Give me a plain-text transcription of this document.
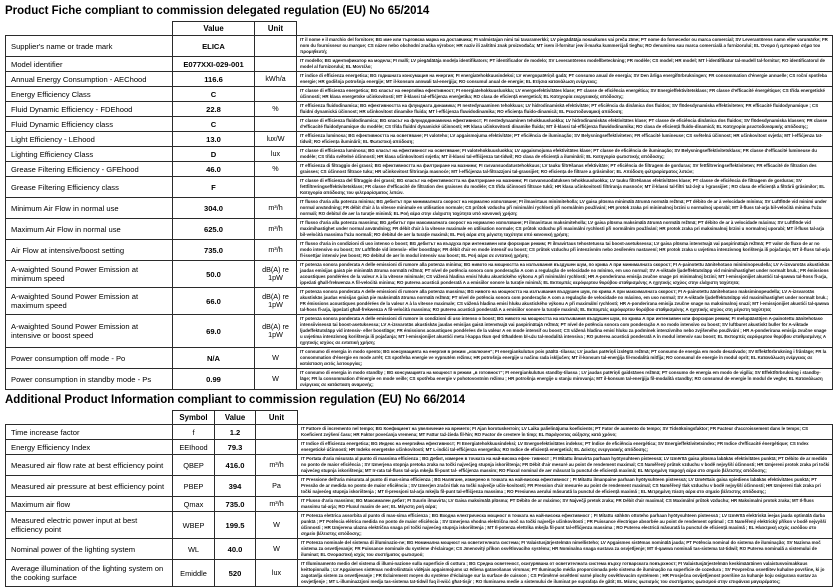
Product Fiche compliant to commission delegated regulation (EU) No 65/2014
	Value	Unit	
Supplier's name or trade mark	ELICA		IT il nome e il marchio del fornitore; BG име или търговска марка на доставчика; FI valmistajan nimi tai tavaramerkki; LV piegādātāja nosaukums vai preču zīme; PT nome do fornecedor ou marca comercial; SV Leverantörens namn eller varumärke; FR nom du fournisseur ou marque; CS název nebo obchodní značka výrobce; HR naziv ili zaštitni znak proizvođača; MT isem il-fornitur jew il-marka kummerċjali tiegħu; RO denumirea sau marca comercială a furnizorului; EL Όνομα ή εμπορικό σήμα του προμηθευτή;
Model identifier	E077XXI-029-001		IT modello; BG идентификатор на модела; FI malli; LV piegādātāja modeļa identifikators; PT identificador de modelo; SV Leverantörens modellbeteckning; FR modèle; CS model; HR model; MT l-identifikatur tal-mudell tal-fornitur; RO identificatorul de model al furnizorului; EL Μοντέλο;
Annual Energy Consumption - AEChood	116.6	kWh/a	IT indice di efficienza energetica; BG годишната консумация на енергия; FI energiatehokkuusindeksi; LV energopatēriņš gadā; PT consumo anual de energia; SV Den årliga energiförbrukningen; FR consommation d'énergie annuelle; CS roční spotřeba energie; HR godišnja potrošnja energije; MT il-konsum annwali tal-enerġija; RO consumul anual de energie; EL Ετήσια κατανάλωση ενέργειας;
Energy Efficiency Class	C		IT classe di efficienza energetica; BG класът на енергийна ефективност; FI energiatehokkuusluokka; LV energoefektivitātes klase; PT classe de eficiência energética; SV Energieffektivitetsklass; FR classe d'efficacité énergétique; CS třída energetické účinnosti; HR klasa energetske učinkovitosti; MT il-klassi tal-effiċjenza enerġetika; RO clasa de eficiență energetică; EL Κατηγορία ενεργειακής απόδοσης;
Fluid Dynamic Efficiency - FDEhood	22.8	%	IT efficienza fluidodinamica; BG ефективността на флуидната динамика; FI nestedynaaminen tehokkuus; LV hidrodinamiskā efektivitāte; PT eficiência da dinâmica dos fluidos; SV flödesdynamiska effektiviteten; FR efficacité fluidodynamique ; CS fluidní dynamická účinnost; HR učinkovitost dinamike fluida; MT l-effiċjenza fluwidodinamika; RO eficiența fluido-dinamică; EL Ρευστοδυναμική απόδοση;
Fluid Dynamic Efficiency class	C		IT classe di efficienza fluidodinamica; BG класът на флуидодинамична ефективност; FI nestedynaaminen tehokkuusluokka; LV hidrodinamiskās efektivitātes klase; PT classe de eficiência dinâmica dos fluidos; SV flödesdynamiska klassen; FR classe d'efficacité fluidodynamique du modèle; CS třída fluidní dynamické účinnosti; HR klasa učinkovitosti dinamike fluida; MT il-klassi tal-effiċjenza fluwidodinamika; RO clasa de eficiență fluido-dinamică; EL Κατηγορία ρευστοδυναμικής απόδοσης;
Light Efficiency - LEhood	13.0	lux/W	IT efficienza luminosa; BG ефективността на осветяване; FI valoteho; LV apgaismojuma efektivitāte; PT eficiência de iluminação; SV Belysningseffektiviteten; FR efficacité lumineuse; CS světelná účinnost; HR učinkovitost svjetla; MT l-effiċjenza tat-tidwil; RO eficiența iluminării; EL Φωτιστική απόδοση;
Lighting Efficiency Class	D	lux	IT classe di efficienza luminosa; BG класът на ефективност на осветяване; FI valotehokkuusluokka; LV apgaismojuma efektivitātes klase; PT classe de eficiência de iluminação; SV Belysningseffektivitetsklass; FR classe d'efficacité lumineuse du modèle; CS třída světelné účinnosti; HR klasa učinkovitosti svjetla; MT il-klassi tal-effiċjenza tat-tidwil; RO clasa de eficiență a iluminării; EL Κατηγορία φωτιστικής απόδοσης;
Grease Filtering Efficiency - GFEhood	46.0	%	IT efficienza di filtraggio dei grassi; BG ефективността на филтриране на мазнини; FI rasvansuodatustehokkuus; LV tauku filtrēšanas efektivitāte; PT eficiência de filtragem de gorduras; SV fettfiltreringseffektiviteten; FR efficacité de filtration des graisses; CS účinnost filtrace tuku; HR učinkovitost filtriranja masnoće; MT l-effiċjenza tal-filtrazzjoni tal-grassijiet; RO eficiența de filtrare a grăsimilor; EL Απόδοση φιλτραρίσματος λιπών;
Grease Filtering Efficiency class	F		IT classe di efficienza del filtraggio dei grassi; BG класът на ефективността на филтриране на мазнини; FI rasvansuodatuksen tehokkuusluokka; LV tauku filtrēšanas efektivitātes klase; PT classe de eficiência de filtragem de gorduras; SV fettfiltreringseffektivitetsklass; FR classe d'efficacité de filtration des graisses du modèle; CS třída účinnosti filtrace tuků; HR klasa učinkovitosti filtriranja masnoće; MT il-klassi tal-filtri taż-żejt u l-grassijiet ; RO clasa de eficiență a filtrării grăsimilor; EL Κατηγορία απόδοσης του φιλτραρίσματος λιπών.
Minimum Air Flow in normal use	304.0	m³/h	IT flusso d'aria alla potenza minima; BG дебитът при минималната скорост на нормално използване; FI ilmavirtaus minimiteholla; LV gaisa plūsma minimālā ātrumā normālā režīmā; PT débito de ar à velocidade mínima; SV Luftflöde vid minimi under normal användning; FR débit d'air à la vitesse minimale en utilisation normale; CS průtok vzduchu při minimální rychlosti při normálním používání; HR protok zraka pri minimalnoj brzini u normalnoj uporabi; MT il-fluss tal-arja bil-veloċità minima f'użu normali; RO debitul de aer la turație minimă; EL Ροή αέρα στην ελάχιστη ταχύτητα υπό κανονική χρήση;
Maximum Air Flow in normal use	625.0	m³/h	IT flusso d'aria alla potenza massima; BG дебитът при максималната скорост на нормално използване; FI ilmavirtaus maksimiteholla; LV gaisa plūsma maksimālā ātrumā normālā režīmā; PT débito de ar à velocidade máxima; SV Luftflöde vid maximihastighet under normal användning; FR débit d'air à la vitesse maximale en utilisation normale; CS průtok vzduchu při maximální rychlosti při normálním používání; HR protok zraka pri maksimalnoj brzini u normalnoj uporabi; MT il-fluss tal-arja bil-veloċità massima f'użu normali; RO debitul de aer la turație maximă; EL Ροή αέρα στη μέγιστη ταχύτητα υπό κανονική χρήση;
Air Flow at intensive/boost setting	735.0	m³/h	IT flusso d'aria in condizioni di uso intenso o boost; BG дебитът на въздуха при интензивен или форсиран режим; FI ilmavirtaus tehostetussa tai boost-asetuksessa; LV gaisa plūsma intensīvajā vai paspirinātajā režīmā; PT valor do fluxo de ar no modo intensivo ou boost; SV Luftflöde vid intensiv- eller boostläge; FR débit d'air en mode intensif ou boost; CS průtok vzduchu při intenzivním nebo zesíleném nastavení; HR protok zraka u uvjetima intenzivnog korištenja ili pojačanja; MT il-fluss tal-arja fl-issettjar intensiv jew boost; RO debitul de aer în modul intensiv sau boost; EL Ροή αέρα σε εντατική χρήση;
A-waighted Sound Power Emission at minimum speed	50.0	dB(A) re 1pW	IT potenza sonora ponderata A delle emissioni di rumore alla potenza minima; BG нивото на мощността на излъчвания въздушен шум, по крива A при минималната скорост; FI A-painotettu äänitehotaso miniminopeudella; LV A-izsvarotās akustiskās jaudas emisijas gaisā pie minimālā ātruma normālā režīmā; PT nível de potência sonora com ponderação A com a regulação de velocidade no mínimo, em uso normal; SV A-viktade ljudeffektutsläpp vid minimihastighet under normalt bruk.; FR émissions acoustiques pondérées de la valeur A à la vitesse minimale; CS vážená hladina emisí hluku akustického výkonu A při minimální rychlosti; HR A-ponderirana emisija zvučne snage pri minimalnoj brzini; MT l-emissjonijiet akustiċi tal-qawwa tal-ħoss fl-arja, ippeżati għall-frekwenza A fil-veloċità minima; RO puterea acustică ponderată A a emisiilor sonore la turație minimă; EL Εκπομπές αερόφερτου θορύβου σταθμισμένης Α ηχητικής ισχύος στην ελάχιστη ταχύτητα;
A-waighted Sound Power Emission at maximum speed	66.0	dB(A) re 1pW	IT potenza sonora ponderata A delle emissioni di rumore alla potenza massima; BG нивото на мощността на излъчвания въздушен шум, по крива A при максималната скорост; FI A-painotettu äänitehotaso maksiminopeudella; LV A-izsvarotās akustiskās jaudas emisijas gaisā pie maksimālā ātruma normālā režīmā; PT nível de potência sonora com ponderação A com a regulação de velocidade no máximo, em uso normal; SV A-viktade ljudeffektutsläpp vid maximihastighet under normalt bruk.; FR émissions acoustiques pondérées de la valeur A à la vitesse maximale; CS vážená hladina emisí hluku akustického výkonu A při maximální rychlosti; HR A-ponderirana emisija zvučne snage na maksimalnoj snazi; MT l-emissjonijiet akustiċi tal-qawwa tal-ħoss fl-arja, ippeżati għall-frekwenza A fil-veloċità massima; RO puterea acustică ponderată A a emisiilor sonore la turație maximă; EL Εκπομπές αερόφερτου θορύβου σταθμισμένης Α ηχητικής ισχύος στη μέγιστη ταχύτητα;
A-waighted Sound Power Emission at intensive or boost speed	69.0	dB(A) re 1pW	IT potenza sonora ponderata A delle emissioni di rumore in condizioni di uso intenso o boost; BG нивото на мощността на излъчвания въздушен шум, по крива A при интензивен или форсиран режим; FI melupäästöjen A-painotettu äänitehotaso intensiivisessä tai boost-asetuksessa; LV A-izsvarotās akustiskās jaudas emisijas gaisā intensīvajā vai paspirinātajā režīmā; PT nível de potência sonora com ponderação A no modo intensivo ou boost; SV luftburet akustiskt buller för A-viktade ljudeffektutsläpp vid intensiv- eller boostläge; FR émissions acoustiques pondérées de la valeur A en mode intensif ou boost; CS vážená hladina emisí hluku za podmínek intenzivního nebo zvýšeného používání ; HR A-ponderirana emisija zvučne snage u uvjetima intenzivnog korištenja ili pojačanja; MT l-emissjonijiet akustiċi meta l-kappa tkun qed titħaddem bl-użu tal-modalità intensiva ; RO puterea acustică ponderată A în modul intensiv sau boost; EL Εκπομπές αερόφερτου θορύβου σταθμισμένης Α ηχητικής ισχύος σε εντατική χρήση;
Power consumption off mode - Po	N/A	W	IT consumo di energia in modo spento; BG консумацията на енергия в режим „изключен“; FI energiankulutus pois päältä -tilassa; LV jaudas patēriņš izslēgtā režīmā; PT consumo de energia em modo desativado; SV Effektförbrukning i frånläge; FR la consommation d'énergie en mode arrêt; CS spotřeba energie ve vypnutém režimu; HR potrošnja energije u načinu rada isključen; MT il-konsum tal-enerġija fil-modalità mitfija; RO consumul de energie în modul oprit; EL Κατανάλωση ενέργειας σε κατάσταση εκτός λειτουργίας;
Power consumption in standby mode - Ps	0.99	W	IT consumo di energia in modo standby ; BG консумацията на мощност в режим „в готовност“; FI energiankulutus standby-tilassa ; LV jaudas patēriņš gaidstāves režīmā; PT consumo de energia em modo de vigília; SV Effektförbrukning i standby-läge; FR la consommation d'énergie en mode veille; CS spotřeba energie v pohotovostním režimu ; HR potrošnja energije u stanju mirovanja; MT il-konsum tal-enerġija fil-modalità standby; RO consumul de energie în modul de veghe; EL Κατανάλωση ενέργειας σε κατάσταση αναμονής;
Additional Product Information compliant to commission regulation (EU) No 66/2014
	Symbol	Value	Unit	
Time increase factor	f	1.2		IT Fattore di incremento nel tempo; BG Коефициент на увеличение на времето; FI Ajan korotuskerroin; LV Laika palielinājuma koeficients; PT Fator de aumento do tempo; SV Tidsökningsfaktor; FR Facteur d'accroissement dans le temps; CS Koeficient zvýšení času; HR Faktor povećanja vremena; MT Fattur taż-żieda fil-ħin; RO Factor de crestere în timp; EL Παράγοντας αύξησης κατά χρόνο;
Energy Efficiency Index	EEIhood	79.3		IT Indice di efficienza energetica; BG Индекс на енергийна ефективност; FI Energiatehokkuusindeksi; LV Energoefektivitātes indekss; PT Índice de eficiência energética; SV Energieffektivitetsindex; FR Indice d'efficacité énergétique; CS Index energetické účinnosti; HR Indeks energetske učinkovitosti; MT L-indiċi tal-effiċjenza energetika; RO Indice de eficiență energetică; EL Δείκτης ενεργειακής απόδοσης;
Measured air flow rate at best efficiency point	QBEP	416.0	m³/h	IT Portata d'aria misurata al punto di massima efficienza ; BG Дебит, измерен в точката на най-висока ефек- тивност ; FI Mitattu ilmavirta parhaan hyötysuhteen pisteessä; LV Izmērītā gaisa plūsma labākās efektivitātes punktā; PT Débito de ar medido no ponto de maior eficiência ; SV Izmerjena stopnja pretoka zraka na točki najvećjeg stupnja iskorištenja; FR Débit d'air mesuré au point de rendement maximal; CS Naměřený průtok vzduchu v bodě nejvyšší účinnosti; HR Izmjereni protok zraka pri točki najvećeg stupnja iskorištenja; MT Ir-rata tal-fluss tal-arja mkejla fil-punt tal- effiċjenza massim; RO Fluxul nominal de aer măsurat la punctul de eficiență maximă; EL Μετρημένη παροχή αέρα στο σημείο βέλτιστης απόδοσης;
Measured air pressure at best efficiency point	PBEP	394	Pa	IT Pressione dell'aria misurata al punto di mas-sima efficienza ; BG Налягане, измерено в точката на най-висока ефективност ; FI Mitattu ilmanpaine parhaan hyötysuhteen pisteessä; LV Izmērītais gaisa spiediens labākās efektivitātes punktā; PT Pressão de ar medida no ponto de maior eficiência ; SV Izmerjen zračni tlak na točki največje učin-kovitosti; FR Pression d'air mesurée au point de rendement maximal; CS Naměřený tlak vzduchu v bodě nejvyšší účinnosti; HR Izmjereni tlak zraka pri točki najvećeg stupnja iskorištenja ; MT Il-pressjoni tal-arja mkejla fil-punt tal-effiċjenza massima ; RO Presiunea aerului măsurată la punctul de eficiență maximă ; EL Μετρημένη πίεση αέρα στο σημείο βέλτιστης απόδοσης;
Maximum air flow	Qmax	735.0	m³/h	IT Flusso d'aria massimo; BG Максимален дебит; FI Suurin ilmavirta; LV Gaisa maksimālā plūsma; PT Débito de ar máximo; SV Največji pretok zraka; FR Débit d'air maximal; CS Maximální průtok vzduchu; HR Maksimalni protok zraka; MT Il-fluss massimu tal-arja; RO Fluxul maxim de aer; EL Μέγιστη ροή αέρα;
Measured electric power input at best efficiency point	WBEP	199.5	W	IT Potenza elettrica assorbita al punto di mas-sima efficienza ; BG Входна електрическа мощност в точката на най-висока ефективност ; FI Mitattu sähkön ottoteho parhaan hyötysuhteen pisteessä ; LV Izmērītā elektriskā ieejas jauda optimālā darba punktā ; PT Potência elétrica medida no ponto de maior eficiência ; SV Izmerjena vhodna električna moč na točki največje učinkovitosti ; FR Puissance électrique absorbée au point de rendement optimal ; CS Naměřený elektrický příkon v bodě nejvyšší účinnosti ; HR Izmjerena ulazna električna snaga pri točki najvećeg stupnja iskorištenja ; MT Il-potenza elettrika mkejla fil-punt tal-effiċjenza massima ; RO Puterea electrică măsurată la punctul de eficiență maximă ; EL Ηλεκτρική ισχύς εισόδου στο σημείο βέλτιστης απόδοσης;
Nominal power of the lighting system	WL	40.0	W	IT Potenza nominale del sistema di illuminazio-ne; BG Номинална мощност на осветителната система; FI Valaistusjärjestelmän nimellisteho; LV Apgaismes sistēmas nominālā jauda; PT Potência nominal do sistema de iluminação; SV Nazivna moč sistema za osvetljevanje; FR Puissance nominale du système d'éclairage; CS Jmenovitý příkon osvětlovacího systému; HR Nominalna snaga sustava za osvjetljenje; MT Il-qawwa nominali tas-sistema tat-tidwil; RO Puterea nominală a sistemului de iluminat; EL Ονομαστική ισχύς του συστήματος φωτισμού;
Average illumination of the lighting system on the cooking surface	Emiddle	520	lux	IT Illuminamento medio del sistema di illumi-nazione sulla superficie di cottura ; BG Средна осветеност, осигурявана от осветителната система върху готварската повърхност; FI Valaistusjärjestelmän keskimääräinen valaistusvoimakkuus keittopinnalla ; LV Apgaismes sistēmas nodrošinātais vidējais apgaismojums uz ēdiena gatavošanas virsmas; PT Iluminação média proporcionada pelo sistema de iluminação na superfície de cozedura ; SV Povprečna osvetlitev kuhalne površine, ki jo zagotavlja sistem za osvetljevanje ; FR Éclairement moyen du système d'éclairage sur la surface de cuisson ; CS Průměrné osvětlení varné plochy osvětlovacím systémem ; HR Prosječna osvijetljenost površine za kuhanje koju osigurava sustav za osvjetljenje ; MT L-illuminazzjoni medja tas-sistema tat-tidwil fuq il-wiċċ għat-tisjir ; RO Iluminarea medie a sistemului de iluminat pe suprafața de gătit; EL Μέσος φωτισμός του συστήματος φωτισμού στην επιφάνεια μαγειρέματος;
